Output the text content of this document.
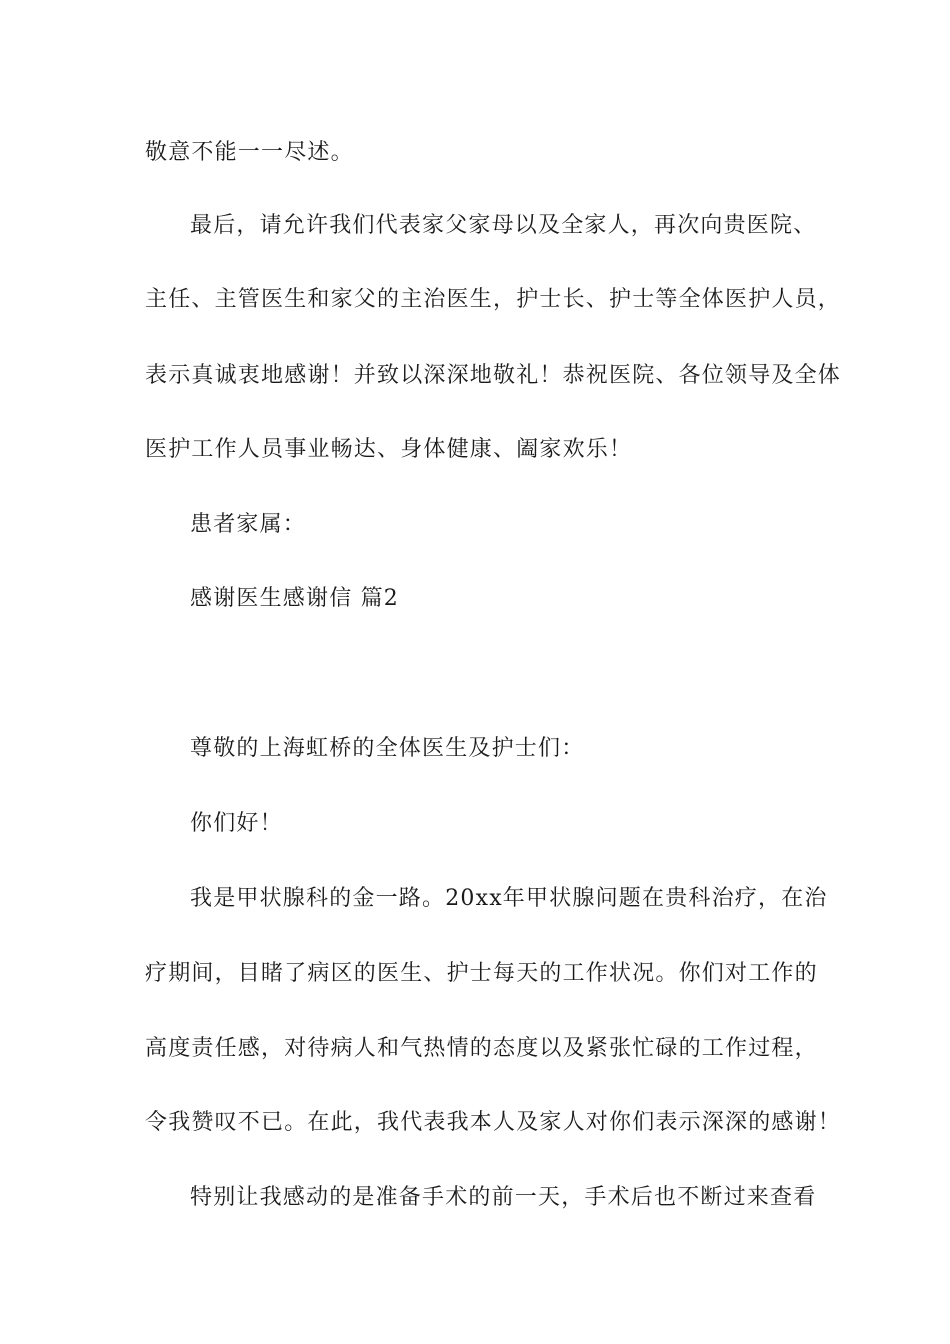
敬意不能一一尽述。
最后，请允许我们代表家父家母以及全家人，再次向贵医院、
主任、主管医生和家父的主治医生，护士长、护士等全体医护人员，
表示真诚衷地感谢！并致以深深地敬礼！恭祝医院、各位领导及全体
医护工作人员事业畅达、身体健康、阖家欢乐！
患者家属：
感谢医生感谢信 篇2
尊敬的上海虹桥的全体医生及护士们：
你们好！
我是甲状腺科的金一路。20xx年甲状腺问题在贵科治疗，在治
疗期间，目睹了病区的医生、护士每天的工作状况。你们对工作的
高度责任感，对待病人和气热情的态度以及紧张忙碌的工作过程，
令我赞叹不已。在此，我代表我本人及家人对你们表示深深的感谢！
特别让我感动的是准备手术的前一天，手术后也不断过来查看
